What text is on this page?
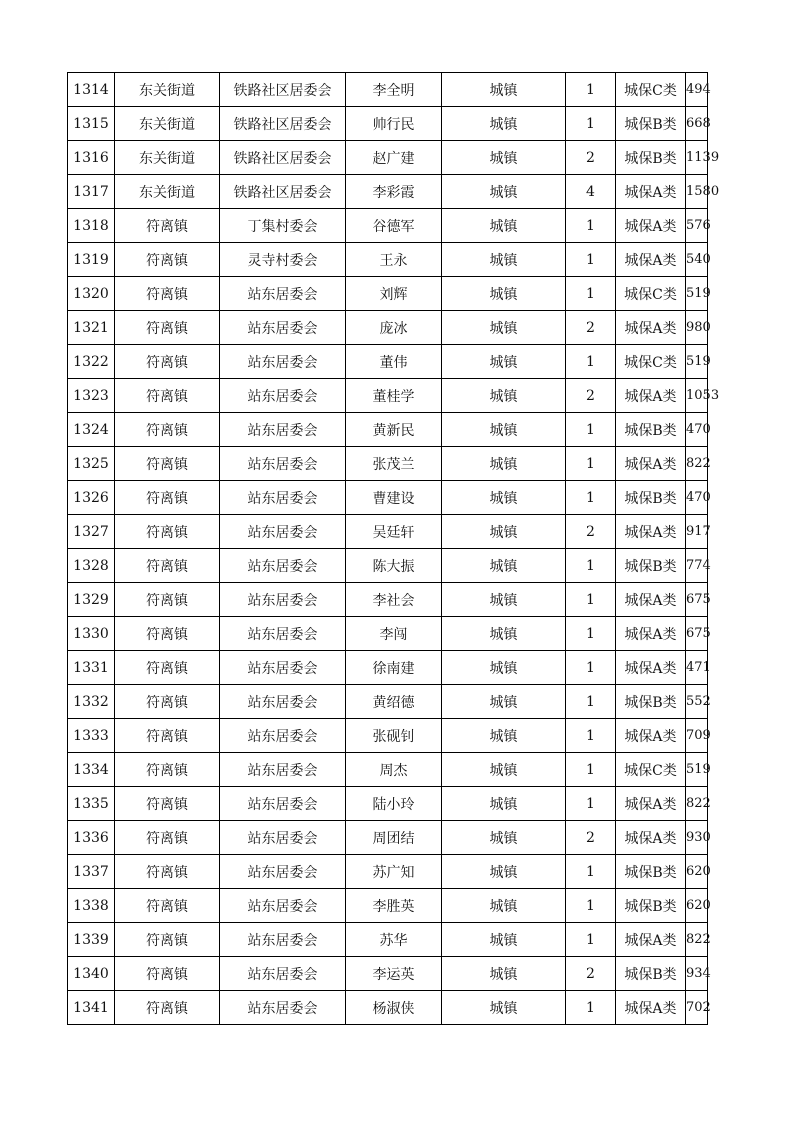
1314	东关街道	铁路社区居委会	李全明	城镇	1	城保C类	494
1315	东关街道	铁路社区居委会	帅行民	城镇	1	城保B类	668
1316	东关街道	铁路社区居委会	赵广建	城镇	2	城保B类	1139
1317	东关街道	铁路社区居委会	李彩霞	城镇	4	城保A类	1580
1318	符离镇	丁集村委会	谷德军	城镇	1	城保A类	576
1319	符离镇	灵寺村委会	王永	城镇	1	城保A类	540
1320	符离镇	站东居委会	刘辉	城镇	1	城保C类	519
1321	符离镇	站东居委会	庞冰	城镇	2	城保A类	980
1322	符离镇	站东居委会	董伟	城镇	1	城保C类	519
1323	符离镇	站东居委会	董桂学	城镇	2	城保A类	1053
1324	符离镇	站东居委会	黄新民	城镇	1	城保B类	470
1325	符离镇	站东居委会	张茂兰	城镇	1	城保A类	822
1326	符离镇	站东居委会	曹建设	城镇	1	城保B类	470
1327	符离镇	站东居委会	吴廷轩	城镇	2	城保A类	917
1328	符离镇	站东居委会	陈大振	城镇	1	城保B类	774
1329	符离镇	站东居委会	李社会	城镇	1	城保A类	675
1330	符离镇	站东居委会	李闯	城镇	1	城保A类	675
1331	符离镇	站东居委会	徐南建	城镇	1	城保A类	471
1332	符离镇	站东居委会	黄绍德	城镇	1	城保B类	552
1333	符离镇	站东居委会	张砚钊	城镇	1	城保A类	709
1334	符离镇	站东居委会	周杰	城镇	1	城保C类	519
1335	符离镇	站东居委会	陆小玲	城镇	1	城保A类	822
1336	符离镇	站东居委会	周团结	城镇	2	城保A类	930
1337	符离镇	站东居委会	苏广知	城镇	1	城保B类	620
1338	符离镇	站东居委会	李胜英	城镇	1	城保B类	620
1339	符离镇	站东居委会	苏华	城镇	1	城保A类	822
1340	符离镇	站东居委会	李运英	城镇	2	城保B类	934
1341	符离镇	站东居委会	杨淑侠	城镇	1	城保A类	702
